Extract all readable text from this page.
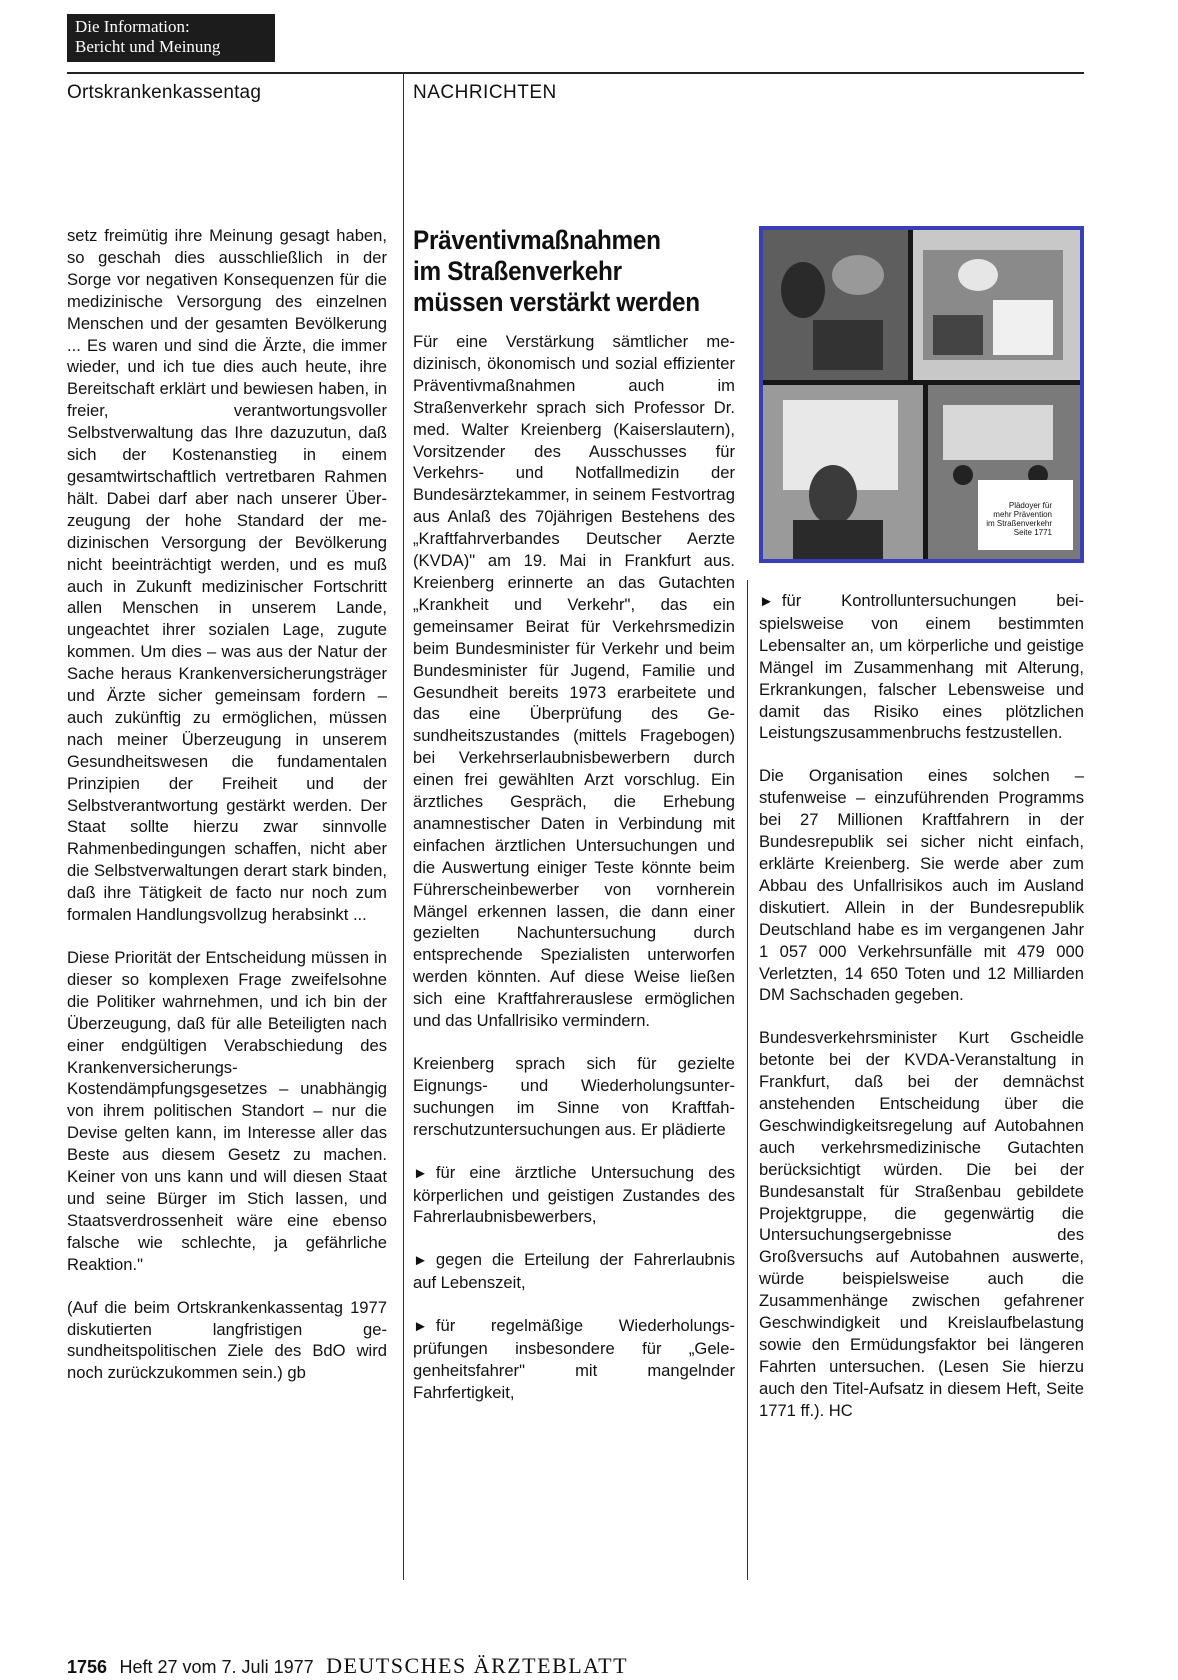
Die Information:
Bericht und Meinung
Ortskrankenkassentag	NACHRICHTEN

setz freimütig ihre Meinung gesagt haben, so geschah dies ausschließlich in der Sorge vor negativen Konsequenzen für die medizinische Versorgung des einzelnen Menschen und der gesamten Bevölkerung ... Es waren und sind die Ärzte, die immer wieder, und ich tue dies auch heute, ihre Bereitschaft erklärt und bewiesen haben, in freier, verantwortungsvoller Selbstverwaltung das Ihre dazuzutun, daß sich der Kostenanstieg in einem gesamtwirtschaftlich vertretbaren Rahmen hält. Dabei darf aber nach unserer Überzeugung der hohe Standard der medizinischen Versorgung der Bevölkerung nicht beeinträchtigt werden, und es muß auch in Zukunft medizinischer Fortschritt allen Menschen in unserem Lande, ungeachtet ihrer sozialen Lage, zugute kommen. Um dies – was aus der Natur der Sache heraus Krankenversicherungsträger und Ärzte sicher gemeinsam fordern – auch zukünftig zu ermöglichen, müssen nach meiner Überzeugung in unserem Gesundheitswesen die fundamentalen Prinzipien der Freiheit und der Selbstverantwortung gestärkt werden. Der Staat sollte hierzu zwar sinnvolle Rahmenbedingungen schaffen, nicht aber die Selbstverwaltungen derart stark binden, daß ihre Tätigkeit de facto nur noch zum formalen Handlungsvollzug herabsinkt ...

Diese Priorität der Entscheidung müssen in dieser so komplexen Frage zweifelsohne die Politiker wahrnehmen, und ich bin der Überzeugung, daß für alle Beteiligten nach einer endgültigen Verabschiedung des Krankenversicherungs-Kostendämpfungsgesetzes – unabhängig von ihrem politischen Standort – nur die Devise gelten kann, im Interesse aller das Beste aus diesem Gesetz zu machen. Keiner von uns kann und will diesen Staat und seine Bürger im Stich lassen, und Staatsverdrossenheit wäre eine ebenso falsche wie schlechte, ja gefährliche Reaktion."

(Auf die beim Ortskrankenkassentag 1977 diskutierten langfristigen gesundheitspolitischen Ziele des BdO wird noch zurückzukommen sein.) gb

Präventivmaßnahmen
im Straßenverkehr
müssen verstärkt werden

Für eine Verstärkung sämtlicher medizinisch, ökonomisch und sozial effizienter Präventivmaßnahmen auch im Straßenverkehr sprach sich Professor Dr. med. Walter Kreienberg (Kaiserslautern), Vorsitzender des Ausschusses für Verkehrs- und Notfallmedizin der Bundesärztekammer, in seinem Festvortrag aus Anlaß des 70jährigen Bestehens des „Kraftfahrverbandes Deutscher Aerzte (KVDA)" am 19. Mai in Frankfurt aus. Kreienberg erinnerte an das Gutachten „Krankheit und Verkehr", das ein gemeinsamer Beirat für Verkehrsmedizin beim Bundesminister für Verkehr und beim Bundesminister für Jugend, Familie und Gesundheit bereits 1973 erarbeitete und das eine Überprüfung des Gesundheitszustandes (mittels Fragebogen) bei Verkehrserlaubnisbewerbern durch einen frei gewählten Arzt vorschlug. Ein ärztliches Gespräch, die Erhebung anamnestischer Daten in Verbindung mit einfachen ärztlichen Untersuchungen und die Auswertung einiger Teste könnte beim Führerscheinbewerber von vornherein Mängel erkennen lassen, die dann einer gezielten Nachuntersuchung durch entsprechende Spezialisten unterworfen werden könnten. Auf diese Weise ließen sich eine Kraftfahrerauslese ermöglichen und das Unfallrisiko vermindern.

Kreienberg sprach sich für gezielte Eignungs- und Wiederholungsuntersuchungen im Sinne von Kraftfahrerschutzuntersuchungen aus. Er plädierte

► für eine ärztliche Untersuchung des körperlichen und geistigen Zustandes des Fahrerlaubnisbewerbers,

► gegen die Erteilung der Fahrerlaubnis auf Lebenszeit,

► für regelmäßige Wiederholungsprüfungen insbesondere für „Gelegenheitsfahrer" mit mangelnder Fahrfertigkeit,

Plädoyer für
mehr Prävention
im Straßenverkehr
Seite 1771

► für Kontrolluntersuchungen beispielsweise von einem bestimmten Lebensalter an, um körperliche und geistige Mängel im Zusammenhang mit Alterung, Erkrankungen, falscher Lebensweise und damit das Risiko eines plötzlichen Leistungszusammenbruchs festzustellen.

Die Organisation eines solchen – stufenweise – einzuführenden Programms bei 27 Millionen Kraftfahrern in der Bundesrepublik sei sicher nicht einfach, erklärte Kreienberg. Sie werde aber zum Abbau des Unfallrisikos auch im Ausland diskutiert. Allein in der Bundesrepublik Deutschland habe es im vergangenen Jahr 1 057 000 Verkehrsunfälle mit 479 000 Verletzten, 14 650 Toten und 12 Milliarden DM Sachschaden gegeben.

Bundesverkehrsminister Kurt Gscheidle betonte bei der KVDA-Veranstaltung in Frankfurt, daß bei der demnächst anstehenden Entscheidung über die Geschwindigkeitsregelung auf Autobahnen auch verkehrsmedizinische Gutachten berücksichtigt würden. Die bei der Bundesanstalt für Straßenbau gebildete Projektgruppe, die gegenwärtig die Untersuchungsergebnisse des Großversuchs auf Autobahnen auswerte, würde beispielsweise auch die Zusammenhänge zwischen gefahrener Geschwindigkeit und Kreislaufbelastung sowie den Ermüdungsfaktor bei längeren Fahrten untersuchen. (Lesen Sie hierzu auch den Titel-Aufsatz in diesem Heft, Seite 1771 ff.). HC

1756 Heft 27 vom 7. Juli 1977 DEUTSCHES ÄRZTEBLATT
